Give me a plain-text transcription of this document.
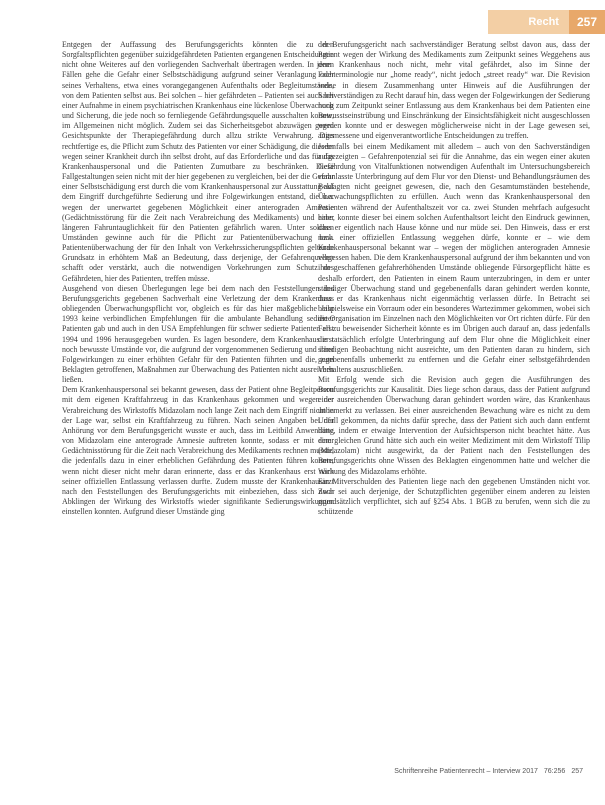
Recht	257

Entgegen der Auffassung des Berufungsgerichts könnten die zu den Sorgfaltspflichten gegenüber suizidgefährdeten Patienten ergangenen Entscheidungen nicht ohne Weiteres auf den vorliegenden Sachverhalt übertragen werden. In jenen Fällen gehe die Gefahr einer Selbstschädigung aufgrund seiner Veranlagung oder seines Verhaltens, etwa eines vorangegangenen Aufenthalts oder Begleitumstände, von dem Patienten selbst aus. Bei solchen – hier gefährdeten – Patienten sei auch bei einer Aufnahme in einem psychiatrischen Krankenhaus eine lückenlose Überwachung und Sicherung, die jede noch so fernliegende Gefährdungsquelle ausschalten konnte, im Allgemeinen nicht möglich. Zudem sei das Sicherheitsgebot abzuwägen gegen Gesichtspunkte der Therapiegefährdung durch allzu strikte Verwahrung. Dies rechtfertige es, die Pflicht zum Schutz des Patienten vor einer Schädigung, die diesem wegen seiner Krankheit durch ihn selbst droht, auf das Erforderliche und das für das Krankenhauspersonal und die Patienten Zumutbare zu beschränken. Diese Fallgestaltungen seien nicht mit der hier gegebenen zu vergleichen, bei der die Gefahr einer Selbstschädigung erst durch die vom Krankenhauspersonal zur Ausstattung auf dem Eingriff durchgeführte Sedierung und ihre Folgewirkungen entstand, die u.a. wegen der unerwartet gegebenen Möglichkeit einer anterograden Amnesie (Gedächtnisstörung für die Zeit nach Verabreichung des Medikaments) und einer längeren Fahruntauglichkeit für den Patienten gefährlich waren. Unter solchen Umständen gewinne auch für die Pflicht zur Patientenüberwachung bzw. Patientenüberwachung der für den Inhalt von Verkehrssicherungspflichten geltende Grundsatz in erhöhtem Maß an Bedeutung, dass derjenige, der Gefahrenquellen schafft oder verstärkt, auch die notwendigen Vorkehrungen zum Schutz des Gefährdeten, hier des Patienten, treffen müsse.

Ausgehend von diesen Überlegungen lege bei dem nach den Feststellungen des Berufungsgerichts gegebenen Sachverhalt eine Verletzung der dem Krankenhaus obliegenden Überwachungspflicht vor, obgleich es für das hier maßgebliche Jahr 1993 keine verbindlichen Empfehlungen für die ambulante Behandlung sedierter Patienten gab und auch in den USA Empfehlungen für schwer sedierte Patienten erst 1994 und 1996 herausgegeben wurden. Es lagen besondere, dem Krankenhaus erst noch bewusste Umstände vor, die aufgrund der vorgenommenen Sedierung und ihrer Folgewirkungen zu einer erhöhten Gefahr für den Patienten führten und die, zum Beklagten getroffenen, Maßnahmen zur Überwachung des Patienten nicht ausreichen ließen.

Dem Krankenhauspersonal sei bekannt gewesen, dass der Patient ohne Begleitperson mit dem eigenen Kraftfahrzeug in das Krankenhaus gekommen und wegen der Verabreichung des Wirkstoffs Midazolam noch lange Zeit nach dem Eingriff nicht in der Lage war, selbst ein Kraftfahrzeug zu führen. Nach seinen Angaben bei der Anhörung vor dem Berufungsgericht wusste er auch, dass im Leitbild Anwendung von Midazolam eine anterograde Amnesie auftreten konnte, sodass er mit einer Gedächtnisstörung für die Zeit nach Verabreichung des Medikaments rechnen musste, die jedenfalls dazu in einer erheblichen Gefährdung des Patienten führen konnte, wenn nicht dieser nicht mehr daran erinnerte, dass er das Krankenhaus erst nach seiner offiziellen Entlassung verlassen durfte. Zudem musste der Krankenhausarzt nach den Feststellungen des Berufungsgerichts mit einbeziehen, dass sich noch Abklingen der Wirkung des Wirkstoffs wieder signifikante Sedierungswirkungen einstellen konnten. Aufgrund dieser Umstände ging

der Berufungsgericht nach sachverständiger Beratung selbst davon aus, dass der Patient wegen der Wirkung des Medikaments zum Zeitpunkt seines Weggehens aus dem Krankenhaus noch nicht, mehr vital gefährdet, also im Sinne der Fachterminologie nur „home ready“, nicht jedoch „street ready“ war. Die Revision weise in diesem Zusammenhang unter Hinweis auf die Ausführungen der Sachverständigen zu Recht darauf hin, dass wegen der Folgewirkungen der Sedierung noch zum Zeitpunkt seiner Entlassung aus dem Krankenhaus bei dem Patienten eine Bewusstseinstrübung und Einschränkung der Einsichtsfähigkeit nicht ausgeschlossen werden konnte und er deswegen möglicherweise nicht in der Lage gewesen sei, angemessene und eigenverantwortliche Entscheidungen zu treffen.

Jedenfalls bei einem Medikament mit alledem – auch von den Sachverständigen aufgezeigten – Gefahrenpotenzial sei für die Annahme, das ein wegen einer akuten Gefährdung von Vitalfunktionen notwendigen Aufenthalt im Untersuchungsbereich veranlasste Unterbringung auf dem Flur vor den Dienst- und Behandlungsräumen des Beklagten nicht geeignet gewesen, die, nach den Gesamtumständen bestehende, Überwachungspflichten zu erfüllen. Auch wenn das Krankenhauspersonal den Patienten während der Aufenthaltszeit vor ca. zwei Stunden mehrfach aufgesucht habe, konnte dieser bei einem solchen Aufenthaltsort leicht den Eindruck gewinnen, dass er eigentlich nach Hause könne und nur müde sei. Den Hinweis, dass er erst nach einer offiziellen Entlassung weggehen dürfe, konnte er – wie dem Krankenhauspersonal bekannt war – wegen der möglichen anterograden Amnesie vergessen haben. Die dem Krankenhauspersonal aufgrund der ihm bekannten und von ihm geschaffenen gefahrerhöhenden Umstände obliegende Fürsorgepflicht hätte es deshalb erfordert, den Patienten in einem Raum unterzubringen, in dem er unter ständiger Überwachung stand und gegebenenfalls daran gehindert werden konnte, dass er das Krankenhaus nicht eigenmächtig verlassen dürfe. In Betracht sei beispielsweise ein Vorraum oder ein besonderes Wartezimmer gekommen, wobei sich die Organisation im Einzelnen nach den Möglichkeiten vor Ort richten dürfe. Für den Fall zu beweisender Sicherheit könnte es im Übrigen auch darauf an, dass jedenfalls die tatsächlich erfolgte Unterbringung auf dem Flur ohne die Möglichkeit einer ständigen Beobachtung nicht ausreichte, um den Patienten daran zu hindern, sich gegebenenfalls unbemerkt zu entfernen und die Gefahr einer selbstgefährdenden Verhaltens auszuschließen.

Mit Erfolg wende sich die Revision auch gegen die Ausführungen des Berufungsgerichts zur Kausalität. Dies liege schon daraus, dass der Patient aufgrund einer ausreichenden Überwachung daran gehindert worden wäre, das Krankenhaus unbemerkt zu verlassen. Bei einer ausreichenden Bewachung wäre es nicht zu dem Unfall gekommen, da nichts dafür spreche, dass der Patient sich auch dann entfernt hätte, indem er etwaige Intervention der Aufsichtsperson nicht beachtet hätte. Aus dem gleichen Grund hätte sich auch ein weiter Mediziment mit dem Wirkstoff Tilip (Midazolam) nicht ausgewirkt, da der Patient nach den Feststellungen des Berufungsgerichts ohne Wissen des Beklagten eingenommen hatte und welcher die Wirkung des Midazolams erhöhte.

Ein Mitverschulden des Patienten liege nach den gegebenen Umständen nicht vor. Zwar sei auch derjenige, der Schutzpflichten gegenüber einem anderen zu leisten grundsätzlich verpflichtet, sich auf §254 Abs. 1 BGB zu berufen, wenn sich die zu schützende

Schriftenreihe Patientenrecht – Interview 2017 76:256 257
